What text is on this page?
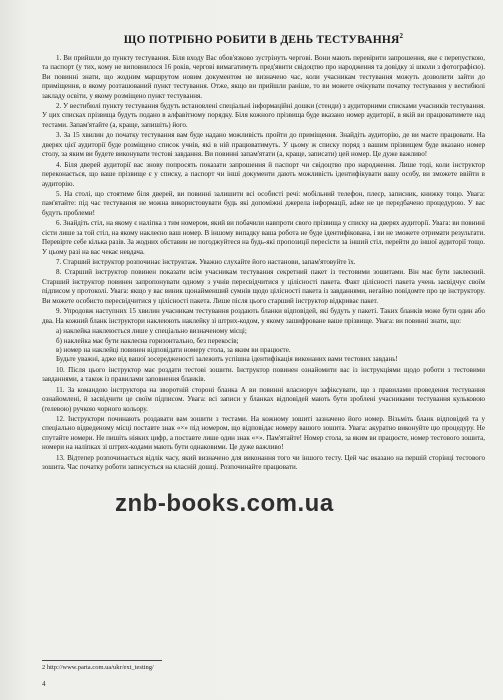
ЩО ПОТРІБНО РОБИТИ В ДЕНЬ ТЕСТУВАННЯ$^2$

1. Ви прийшли до пункту тестування. Біля входу Вас обов'язково зустрінуть чергові. Вони мають перевірити запрошення, яке є перепусткою, та паспорт (у тих, кому не виповнилося 16 років, чергові вимагатимуть пред'явити свідоцтво про народження та довідку зі школи з фотографією). Ви повинні знати, що жодним маршрутом новим документом не визначено час, коли учасникам тестування можуть дозволити зайти до приміщення, в якому розташований пункт тестування. Отже, якщо ви прийшли раніше, то ви можете очікувати початку тестування у вестибюлі закладу освіти, у якому розміщено пункт тестування.

2. У вестибюлі пункту тестування будуть встановлені спеціальні інформаційні дошки (стенди) з аудиторними списками учасників тестування. У цих списках прізвища будуть подано в алфавітному порядку. Біля кожного прізвища буде вказано номер аудиторії, в якій ви працюватимете над тестами. Запам'ятайте (а, краще, запишіть) його.

3. За 15 хвилин до початку тестування вам буде надано можливість пройти до приміщення. Знайдіть аудиторію, де ви маєте працювати. На дверях цієї аудиторії буде розміщено список учнів, які в ній працюватимуть. У цьому ж списку поряд з вашим прізвищем буде вказано номер столу, за яким ви будете виконувати тестові завдання. Ви повинні запам'ятати (а, краще, записати) цей номер. Це дуже важливо!

4. Біля дверей аудиторії вас знову попросять показати запрошення й паспорт чи свідоцтво про народження. Лише тоді, коли інструктор переконається, що ваше прізвище є у списку, а паспорт чи інші документи дають можливість ідентифікувати вашу особу, ви зможете ввійти в аудиторію.

5. На столі, що стоятиме біля дверей, ви повинні залишити всі особисті речі: мобільний телефон, плеєр, записник, книжку тощо. Увага: пам'ятайте: під час тестування не можна використовувати будь які допоміжні джерела інформації, adже не це передбачено процедурою. У вас будуть проблеми!

6. Знайдіть стіл, на якому є наліпка з тим номером, який ви побачили навпроти свого прізвища у списку на дверях аудиторії. Увага: ви повинні сісти лише за той стіл, на якому наклеєно ваш номер. В іншому випадку ваша робота не буде ідентифікована, і ви не зможете отримати результати. Перевірте себе кілька разів. За жодних обставин не погоджуйтеся на будь-які пропозиції пересісти за інший стіл, перейти до іншої аудиторії тощо. У цьому разі на вас чекає невдача.

7. Старший інструктор розпочинає інструктаж. Уважно слухайте його настанови, запам'ятовуйте їх.

8. Старший інструктор повинен показати всім учасникам тестування секретний пакет із тестовими зошитами. Він має бути заклеєний. Старший інструктор повинен запропонувати одному з учнів пересвідчитися у цілісності пакета. Факт цілісності пакета учень засвідчує своїм підписом у протоколі. Увага: якщо у вас виник щонайменший сумнів щодо цілісності пакета із завданнями, негайно повідомте про це інструктору. Ви можете особисто пересвідчитися у цілісності пакета. Лише після цього старший інструктор відкриває пакет.

9. Упродовж наступних 15 хвилин учасникам тестування роздають бланки відповідей, які будуть у пакеті. Таких бланків може бути один або два. На кожний бланк інструктори наклеюють наклейку зі штрих-кодом, у якому зашифроване ваше прізвище. Увага: ви повинні знати, що:

а) наклейка наклеюється лише у спеціально визначеному місці;

б) наклейка має бути наклеєна горизонтально, без перекосів;

в) номер на наклейці повинен відповідати номеру стола, за яким ви працюєте.

Будьте уважні, адже від вашої зосередженості залежить успішна ідентифікація виконаних вами тестових завдань!

10. Після цього інструктор має роздати тестові зошити. Інструктор повинен ознайомити вас із інструкціями щодо роботи з тестовими завданнями, а також із правилами заповнення бланків.

11. За командою інструктора на зворотній стороні бланка А ви повинні власноруч зафіксувати, що з правилами проведення тестування ознайомлені, й засвідчити це своїм підписом. Увага: всі записи у бланках відповідей мають бути зроблені учасниками тестування кульковою (гелевою) ручкою чорного кольору.

12. Інструктори починають роздавати вам зошити з тестами. На кожному зошиті зазначено його номер. Візьміть бланк відповідей та у спеціально відведеному місці поставте знак «×» під номером, що відповідає номеру вашого зошита. Увага: акуратно виконуйте цю процедуру. Не спутайте номери. Не пишіть ніяких цифр, а поставте лише один знак «×». Пам'ятайте! Номер стола, за яким ви працюєте, номер тестового зошита, номери на наліпках зі штрих-кодами мають бути однаковими. Це дуже важливо!

13. Відтепер розпочинається відлік часу, який визначено для виконання того чи іншого тесту. Цей час вказано на першій сторінці тестового зошита. Час початку роботи записується на класній дошці. Розпочинайте працювати.

znb-books.com.ua
2 http://www.parta.com.ua/ukr/ext_testing/
4
